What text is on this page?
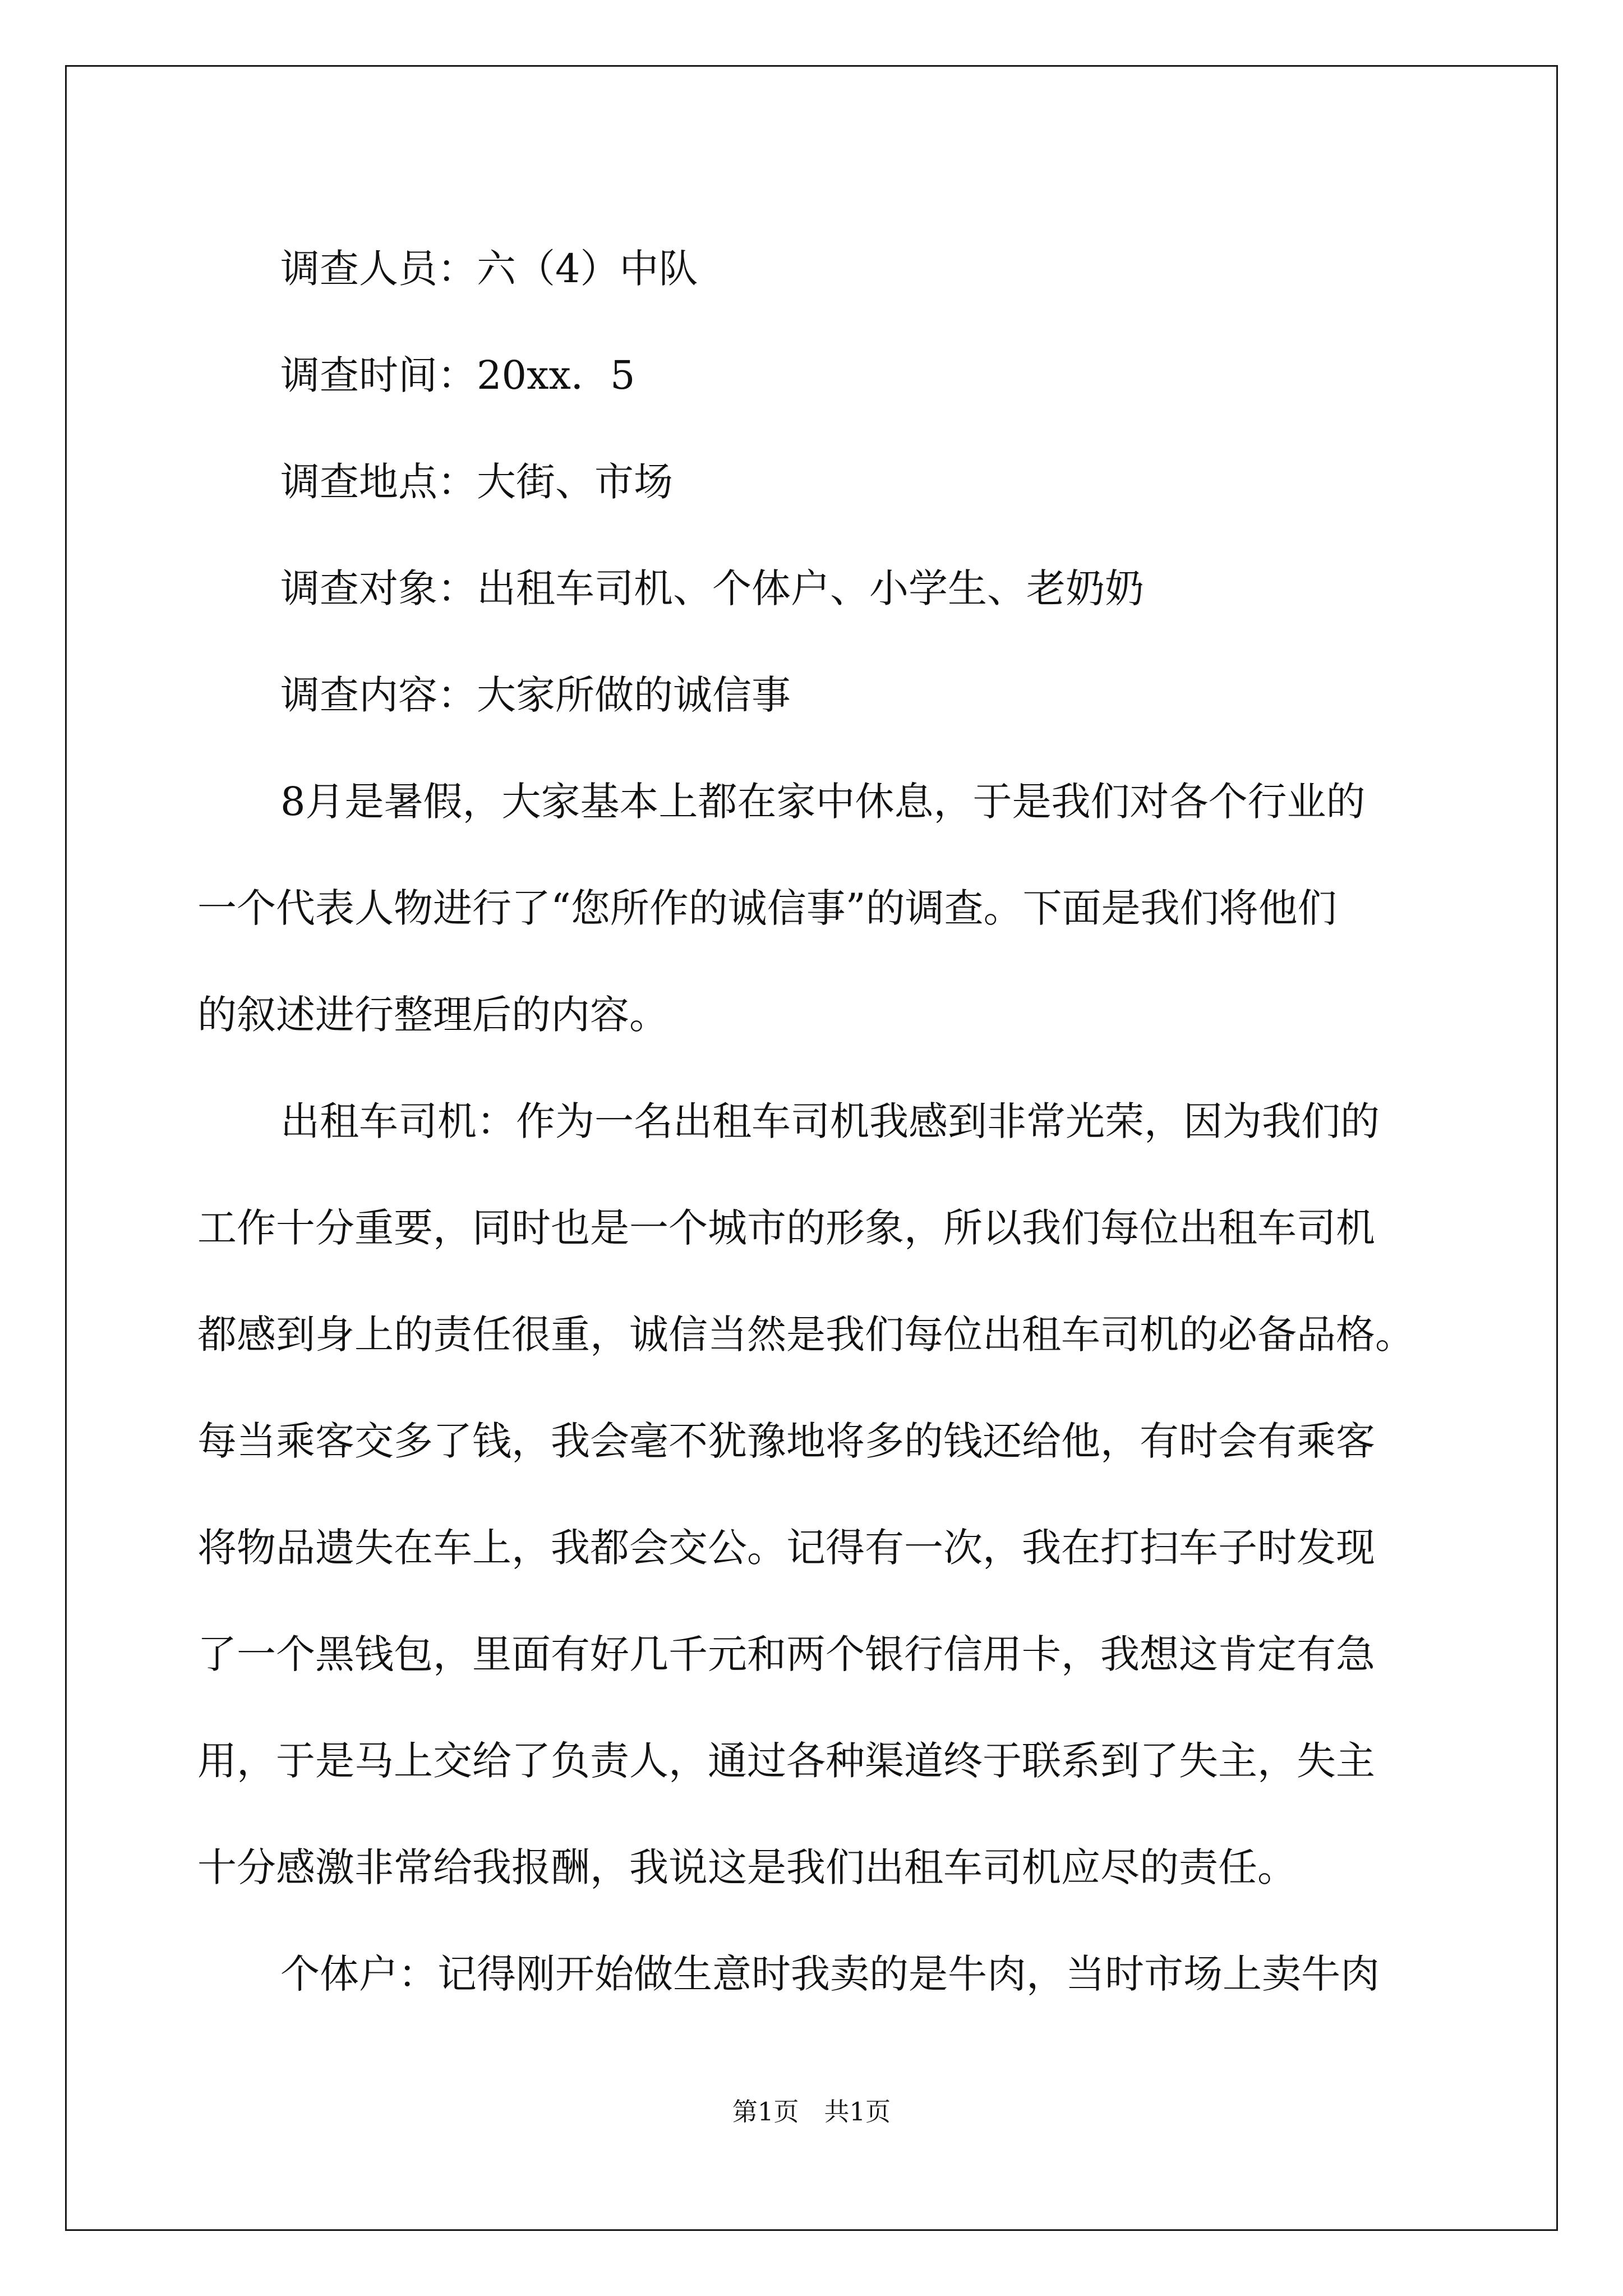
调查人员：六（4）中队
调查时间：20xx．5
调查地点：大街、市场
调查对象：出租车司机、个体户、小学生、老奶奶
调查内容：大家所做的诚信事
8月是暑假，大家基本上都在家中休息，于是我们对各个行业的
一个代表人物进行了“您所作的诚信事”的调查。下面是我们将他们
的叙述进行整理后的内容。
出租车司机：作为一名出租车司机我感到非常光荣，因为我们的
工作十分重要，同时也是一个城市的形象，所以我们每位出租车司机
都感到身上的责任很重，诚信当然是我们每位出租车司机的必备品格。
每当乘客交多了钱，我会毫不犹豫地将多的钱还给他，有时会有乘客
将物品遗失在车上，我都会交公。记得有一次，我在打扫车子时发现
了一个黑钱包，里面有好几千元和两个银行信用卡，我想这肯定有急
用，于是马上交给了负责人，通过各种渠道终于联系到了失主，失主
十分感激非常给我报酬，我说这是我们出租车司机应尽的责任。
个体户：记得刚开始做生意时我卖的是牛肉，当时市场上卖牛肉
第1页 共1页
